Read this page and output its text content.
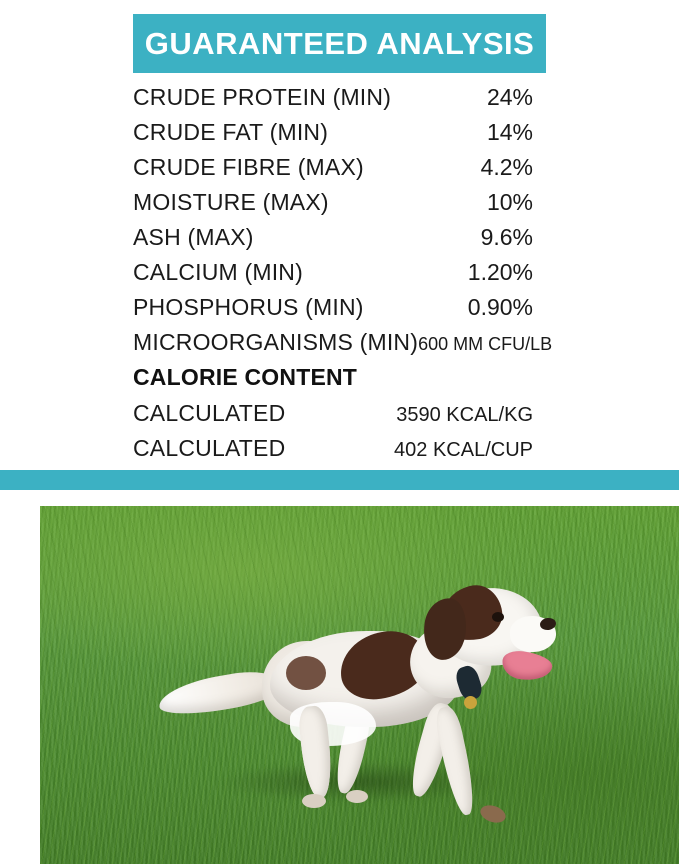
GUARANTEED ANALYSIS
CRUDE PROTEIN (MIN)	24%
CRUDE FAT (MIN)	14%
CRUDE FIBRE (MAX)	4.2%
MOISTURE (MAX)	10%
ASH (MAX)	9.6%
CALCIUM (MIN)	1.20%
PHOSPHORUS (MIN)	0.90%
MICROORGANISMS (MIN) 600 MM CFU/LB
CALORIE CONTENT
CALCULATED	3590 KCAL/KG
CALCULATED	402 KCAL/CUP
